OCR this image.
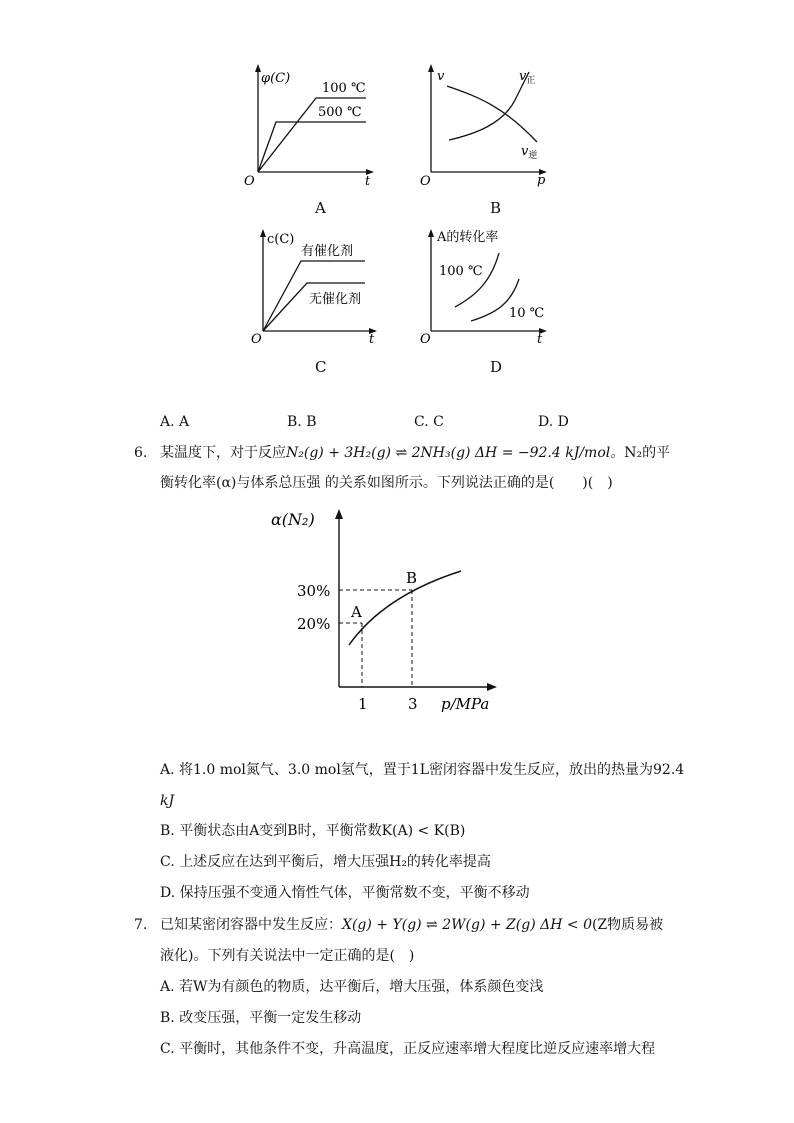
φ(C)
100 ℃
500 ℃
O	t
A
v	$v_正$
$v_逆$
O	p
B
c(C)
有催化剂
无催化剂
O	t
C
A的转化率
100 ℃
10 ℃
O	t
D
A. A	B. B	C. C	D. D
6. 某温度下，对于反应N₂(g) + 3H₂(g) ⇌ 2NH₃(g) ΔH = −92.4 kJ/mol。N₂的平
衡转化率(α)与体系总压强 的关系如图所示。下列说法正确的是(　　)(　)
α(N₂)
30%
20%
A
B
1	3 p/MPa
A. 将1.0 mol氮气、3.0 mol氢气，置于1L密闭容器中发生反应，放出的热量为92.4
kJ
B. 平衡状态由A变到B时，平衡常数K(A) < K(B)
C. 上述反应在达到平衡后，增大压强H₂的转化率提高
D. 保持压强不变通入惰性气体，平衡常数不变，平衡不移动
7. 已知某密闭容器中发生反应：X(g) + Y(g) ⇌ 2W(g) + Z(g) ΔH < 0(Z物质易被
液化)。下列有关说法中一定正确的是(　)
A. 若W为有颜色的物质，达平衡后，增大压强，体系颜色变浅
B. 改变压强，平衡一定发生移动
C. 平衡时，其他条件不变，升高温度，正反应速率增大程度比逆反应速率增大程
